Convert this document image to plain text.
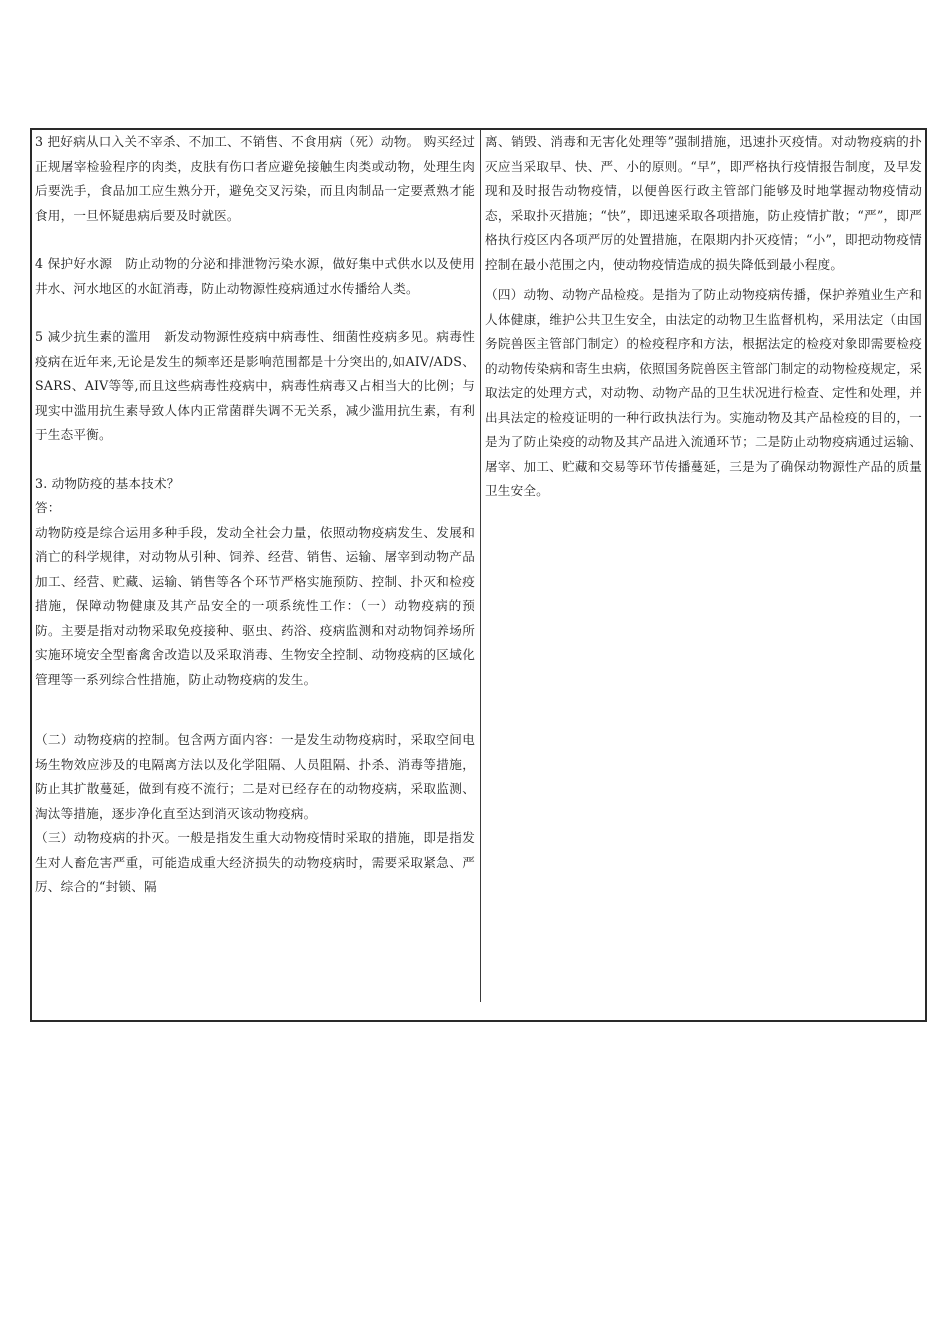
3 把好病从口入关不宰杀、不加工、不销售、不食用病（死）动物。 购买经过正规屠宰检验程序的肉类，皮肤有伤口者应避免接触生肉类或动物，处理生肉后要洗手，食品加工应生熟分开，避免交叉污染，而且肉制品一定要煮熟才能食用，一旦怀疑患病后要及时就医。

4 保护好水源　防止动物的分泌和排泄物污染水源，做好集中式供水以及使用井水、河水地区的水缸消毒，防止动物源性疫病通过水传播给人类。

5 减少抗生素的滥用　新发动物源性疫病中病毒性、细菌性疫病多见。病毒性疫病在近年来,无论是发生的频率还是影响范围都是十分突出的,如AIV/ADS、SARS、AIV等等,而且这些病毒性疫病中，病毒性病毒又占相当大的比例；与现实中滥用抗生素导致人体内正常菌群失调不无关系，减少滥用抗生素，有利于生态平衡。

3. 动物防疫的基本技术？

答：

动物防疫是综合运用多种手段，发动全社会力量，依照动物疫病发生、发展和消亡的科学规律，对动物从引种、饲养、经营、销售、运输、屠宰到动物产品加工、经营、贮藏、运输、销售等各个环节严格实施预防、控制、扑灭和检疫措施，保障动物健康及其产品安全的一项系统性工作：（一）动物疫病的预防。主要是指对动物采取免疫接种、驱虫、药浴、疫病监测和对动物饲养场所实施环境安全型畜禽舍改造以及采取消毒、生物安全控制、动物疫病的区域化管理等一系列综合性措施，防止动物疫病的发生。

（二）动物疫病的控制。包含两方面内容：一是发生动物疫病时，采取空间电场生物效应涉及的电隔离方法以及化学阻隔、人员阻隔、扑杀、消毒等措施，防止其扩散蔓延，做到有疫不流行；二是对已经存在的动物疫病，采取监测、淘汰等措施，逐步净化直至达到消灭该动物疫病。

（三）动物疫病的扑灭。一般是指发生重大动物疫情时采取的措施，即是指发生对人畜危害严重，可能造成重大经济损失的动物疫病时，需要采取紧急、严厉、综合的“封锁、隔

离、销毁、消毒和无害化处理等”强制措施，迅速扑灭疫情。对动物疫病的扑灭应当采取早、快、严、小的原则。“早”，即严格执行疫情报告制度，及早发现和及时报告动物疫情，以便兽医行政主管部门能够及时地掌握动物疫情动态，采取扑灭措施；“快”，即迅速采取各项措施，防止疫情扩散；“严”，即严格执行疫区内各项严厉的处置措施，在限期内扑灭疫情；“小”，即把动物疫情控制在最小范围之内，使动物疫情造成的损失降低到最小程度。

（四）动物、动物产品检疫。是指为了防止动物疫病传播，保护养殖业生产和人体健康，维护公共卫生安全，由法定的动物卫生监督机构，采用法定（由国务院兽医主管部门制定）的检疫程序和方法，根据法定的检疫对象即需要检疫的动物传染病和寄生虫病，依照国务院兽医主管部门制定的动物检疫规定，采取法定的处理方式，对动物、动物产品的卫生状况进行检查、定性和处理，并出具法定的检疫证明的一种行政执法行为。实施动物及其产品检疫的目的，一是为了防止染疫的动物及其产品进入流通环节；二是防止动物疫病通过运输、屠宰、加工、贮藏和交易等环节传播蔓延，三是为了确保动物源性产品的质量卫生安全。
